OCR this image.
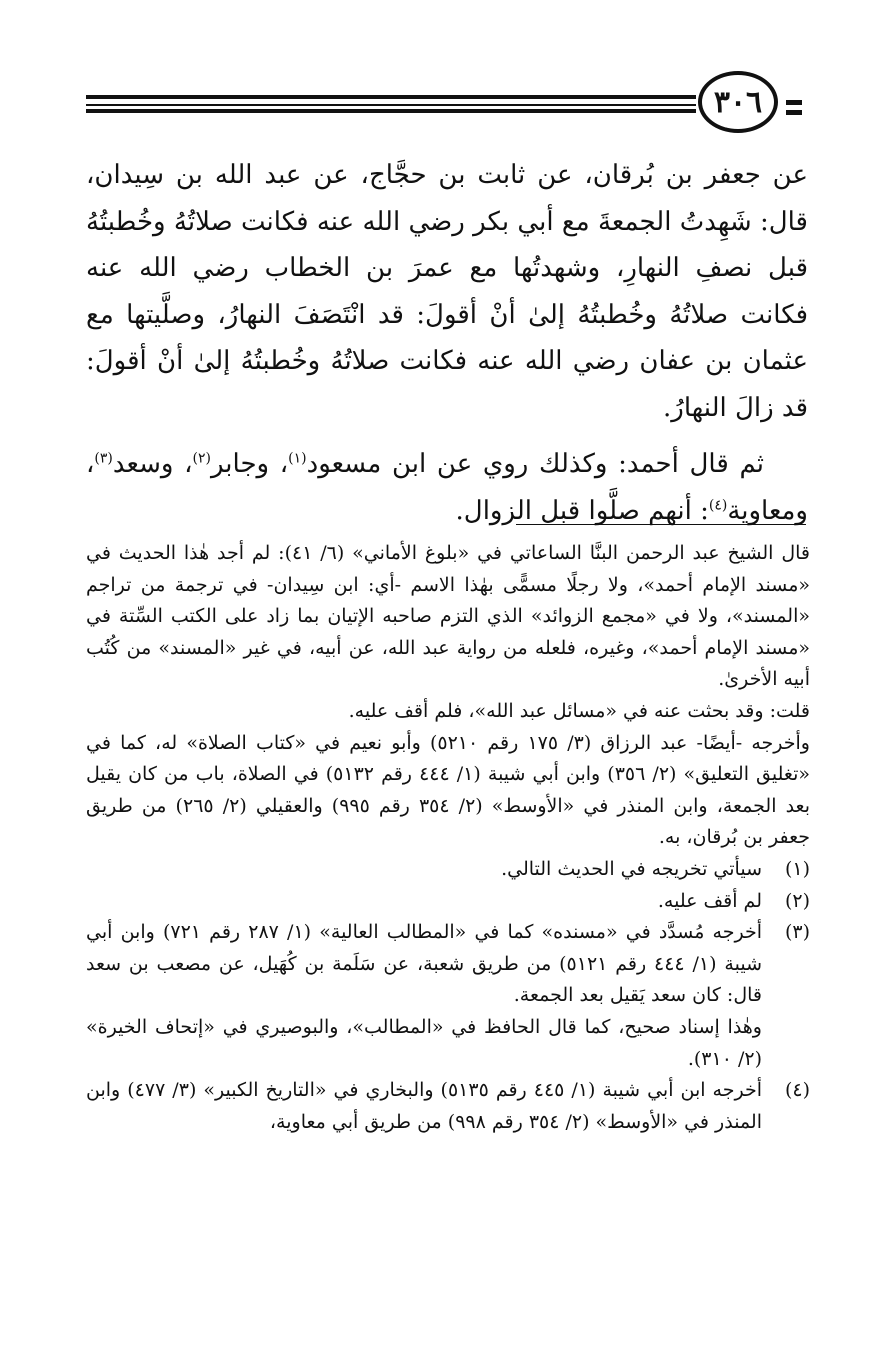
٣٠٦

عن جعفر بن بُرقان، عن ثابت بن حجَّاج، عن عبد الله بن سِيدان، قال: شَهِدتُ الجمعةَ مع أبي بكر رضي الله عنه فكانت صلاتُهُ وخُطبتُهُ قبل نصفِ النهارِ، وشهدتُها مع عمرَ بن الخطاب رضي الله عنه فكانت صلاتُهُ وخُطبتُهُ إلىٰ أنْ أقولَ: قد انْتَصَفَ النهارُ، وصلَّيتها مع عثمان بن عفان رضي الله عنه فكانت صلاتُهُ وخُطبتُهُ إلىٰ أنْ أقولَ: قد زالَ النهارُ.

ثم قال أحمد: وكذلك روي عن ابن مسعود$^{(١)}$، وجابر$^{(٢)}$، وسعد$^{(٣)}$، ومعاوية$^{(٤)}$: أنهم صلَّوا قبل الزوال.

قال الشيخ عبد الرحمن البنَّا الساعاتي في «بلوغ الأماني» (٦/ ٤١): لم أجد هٰذا الحديث في «مسند الإمام أحمد»، ولا رجلًا مسمًّى بهٰذا الاسم -أي: ابن سِيدان- في ترجمة من تراجم «المسند»، ولا في «مجمع الزوائد» الذي التزم صاحبه الإتيان بما زاد على الكتب السِّتة في «مسند الإمام أحمد»، وغيره، فلعله من رواية عبد الله، عن أبيه، في غير «المسند» من كُتُب أبيه الأخرىٰ.

قلت: وقد بحثت عنه في «مسائل عبد الله»، فلم أقف عليه.

وأخرجه -أيضًا- عبد الرزاق (٣/ ١٧٥ رقم ٥٢١٠) وأبو نعيم في «كتاب الصلاة» له، كما في «تغليق التعليق» (٢/ ٣٥٦) وابن أبي شيبة (١/ ٤٤٤ رقم ٥١٣٢) في الصلاة، باب من كان يقيل بعد الجمعة، وابن المنذر في «الأوسط» (٢/ ٣٥٤ رقم ٩٩٥) والعقيلي (٢/ ٢٦٥) من طريق جعفر بن بُرقان، به.

(١)

سيأتي تخريجه في الحديث التالي.

(٢)

لم أقف عليه.

(٣)

أخرجه مُسدَّد في «مسنده» كما في «المطالب العالية» (١/ ٢٨٧ رقم ٧٢١) وابن أبي شيبة (١/ ٤٤٤ رقم ٥١٢١) من طريق شعبة، عن سَلَمة بن كُهَيل، عن مصعب بن سعد قال: كان سعد يَقيل بعد الجمعة.

وهٰذا إسناد صحيح، كما قال الحافظ في «المطالب»، والبوصيري في «إتحاف الخيرة» (٢/ ٣١٠).

(٤)

أخرجه ابن أبي شيبة (١/ ٤٤٥ رقم ٥١٣٥) والبخاري في «التاريخ الكبير» (٣/ ٤٧٧) وابن المنذر في «الأوسط» (٢/ ٣٥٤ رقم ٩٩٨) من طريق أبي معاوية،
